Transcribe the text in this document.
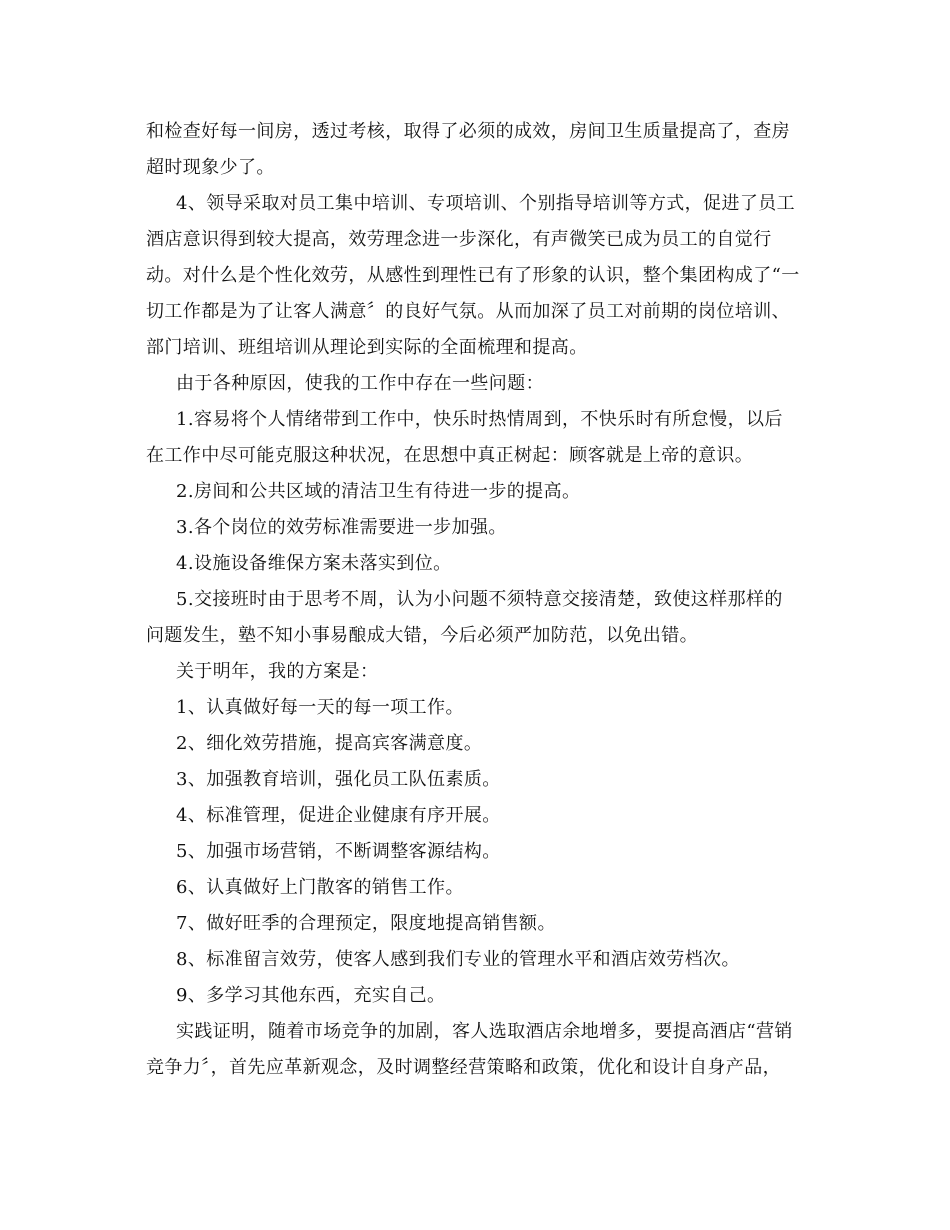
和检查好每一间房，透过考核，取得了必须的成效，房间卫生质量提高了，查房
超时现象少了。
4、领导采取对员工集中培训、专项培训、个别指导培训等方式，促进了员工
酒店意识得到较大提高，效劳理念进一步深化，有声微笑已成为员工的自觉行
动。对什么是个性化效劳，从感性到理性已有了形象的认识，整个集团构成了“一
切工作都是为了让客人满意〞的良好气氛。从而加深了员工对前期的岗位培训、
部门培训、班组培训从理论到实际的全面梳理和提高。
由于各种原因，使我的工作中存在一些问题：
1.容易将个人情绪带到工作中，快乐时热情周到，不快乐时有所怠慢，以后
在工作中尽可能克服这种状况，在思想中真正树起：顾客就是上帝的意识。
2.房间和公共区域的清洁卫生有待进一步的提高。
3.各个岗位的效劳标准需要进一步加强。
4.设施设备维保方案未落实到位。
5.交接班时由于思考不周，认为小问题不须特意交接清楚，致使这样那样的
问题发生，塾不知小事易酿成大错，今后必须严加防范，以免出错。
关于明年，我的方案是：
1、认真做好每一天的每一项工作。
2、细化效劳措施，提高宾客满意度。
3、加强教育培训，强化员工队伍素质。
4、标准管理，促进企业健康有序开展。
5、加强市场营销，不断调整客源结构。
6、认真做好上门散客的销售工作。
7、做好旺季的合理预定，限度地提高销售额。
8、标准留言效劳，使客人感到我们专业的管理水平和酒店效劳档次。
9、多学习其他东西，充实自己。
实践证明，随着市场竞争的加剧，客人选取酒店余地增多，要提高酒店“营销
竞争力〞，首先应革新观念，及时调整经营策略和政策，优化和设计自身产品，
